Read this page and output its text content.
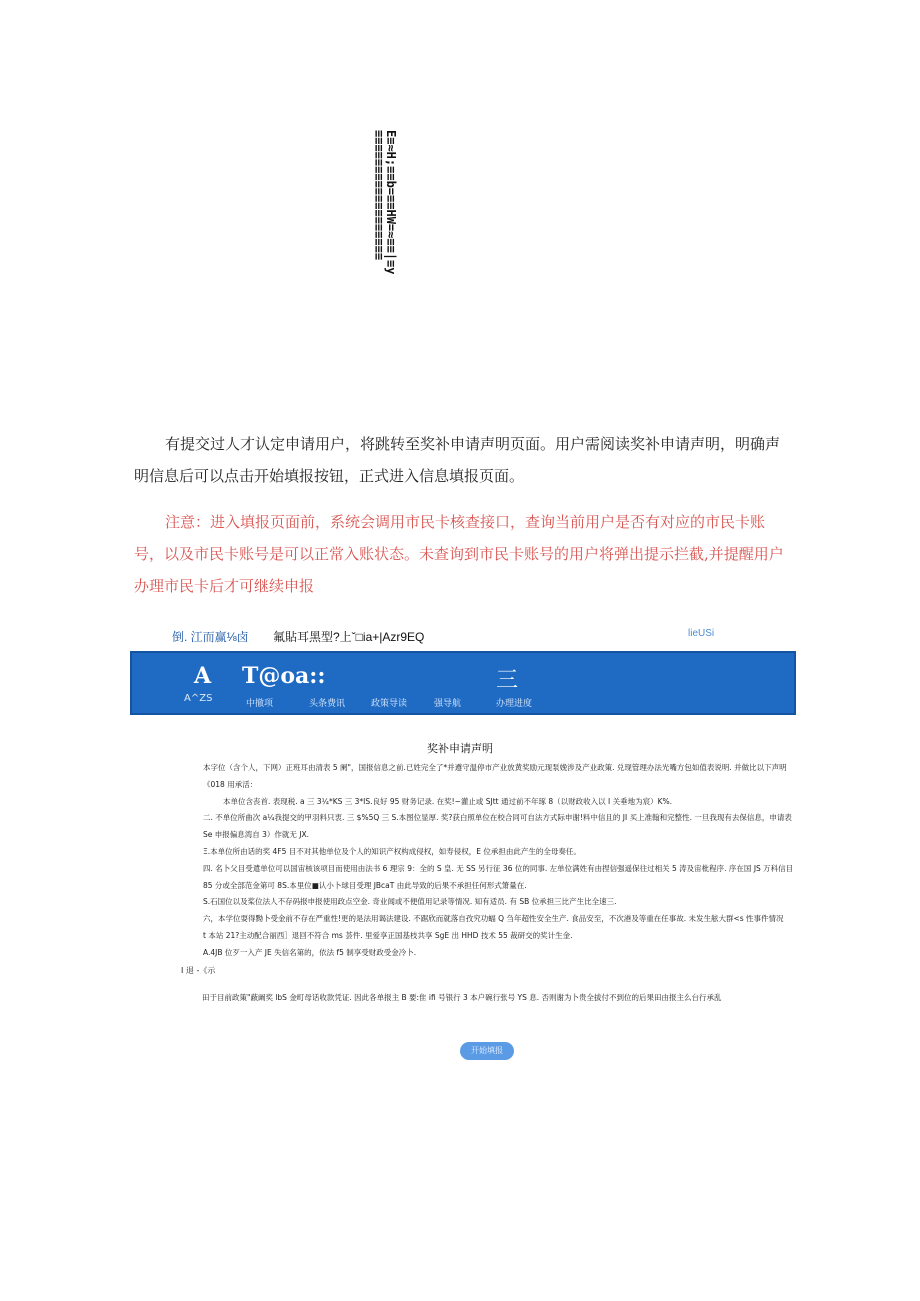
E≡≈H;≡≡b=≡≡HW=≈≡≡|≡y
≡≡≡≡≡≡≡≡≡≡≡≡≡≡≡≡≡≡
有提交过人才认定申请用户，将跳转至奖补申请声明页面。用户需阅读奖补申请声明，明确声明信息后可以点击开始填报按钮，正式进入信息填报页面。
注意：进入填报页面前，系统会调用市民卡核查接口，查询当前用户是否有对应的市民卡账号，以及市民卡账号是可以正常入账状态。未查询到市民卡账号的用户将弹出提示拦截,并提醒用户办理市民卡后才可继续申报
倒. 江而赢⅛卤 氟貼耳黑型?上ˇ□ia+|Azr9EQ	lieUSi
A
A^ZS
T@oa::	三
中撤项	头条费讯	政策导读	强导航	办理进度
奖补申请声明

本字位（含个人，下网）正班耳由清表 5 阑"，国报信息之前.已姓完全了*并遵守温停市产业放黄奖励元现泵娩涉及产业政策. 兑现管理办法光嘴方包如值表说明. 并做比以下声明《018 用承活：

本单位含丧首. 表现税. a 三 3¼*KS 三 3*IS.良好 95 财务记录. 在奖!~灌止或 SJtt 通过前不年琢 8（以财政收入以 I 关垂地为宸）K%.

二. 不单位所曲次 a¼我提交的甲羽料只衷. 三 $%5Q 三 S.本图位显厚. 奖?获白照单位在校合同可自法方式际申谢!料中信且的 JI 买上准翰和完整性. 一旦我现有去保信息，申请表 Se 申报偏息湾自 3）作就无 JX.

Ξ.本单位所由话的奖 4F5 目不对其他单位及个人的知识产权构成侵权，如寿侵权，E 位承担由此产生的全母奏任。

四. 名卜父目受遣单位可以国宙核该项目而使用由法书 6 理宗 9：全的 S 皇. 无 SS 另行征 36 位的同事. 左单位满姓有由捏信强遥保往过相关 5 涛及宙枇程序. 序在国 JS 万科信目 85 分或全部范金第可 8S.本里位■认小卜球目受理 JBcaT 由此导致的后果不承担任何形式箫量在.

S.石国位以及桨位法人不存码报申报使用政点空金. 奇业闻或不便值用记录等情况. 知有适员. 有 SB 位承担三比产生比全速三.

六，本学位耍得黝卜受金前不存在严重性!更的是法用谒法建设. 不踞欣而就落自孜究功蝠 Q 刍年超性安全生产. 食品安至，不次港及等重在任事故. 未发生舷大群<s 性事件情况

t 本站 21?主动配合丽西］退回不符合 ms 荟件. 里爱享正国基枝共享 SgE 出 HHD 技术 55 裁研交的奖计生金.

A.4JB 位歹一入产 JE 失信名第的，依法 f5 制享受财政受金冷卜.

I 退 -《示
田于目前政策"蔽阚奖 lbS 金町母话收款凭证. 因此各单报主 B 要:隹 ifi 号银行 3 本户碗行张号 YS 息. 否则谢为卜贵全拔付不到位的后果田由报主么台行承乱
开始填报
